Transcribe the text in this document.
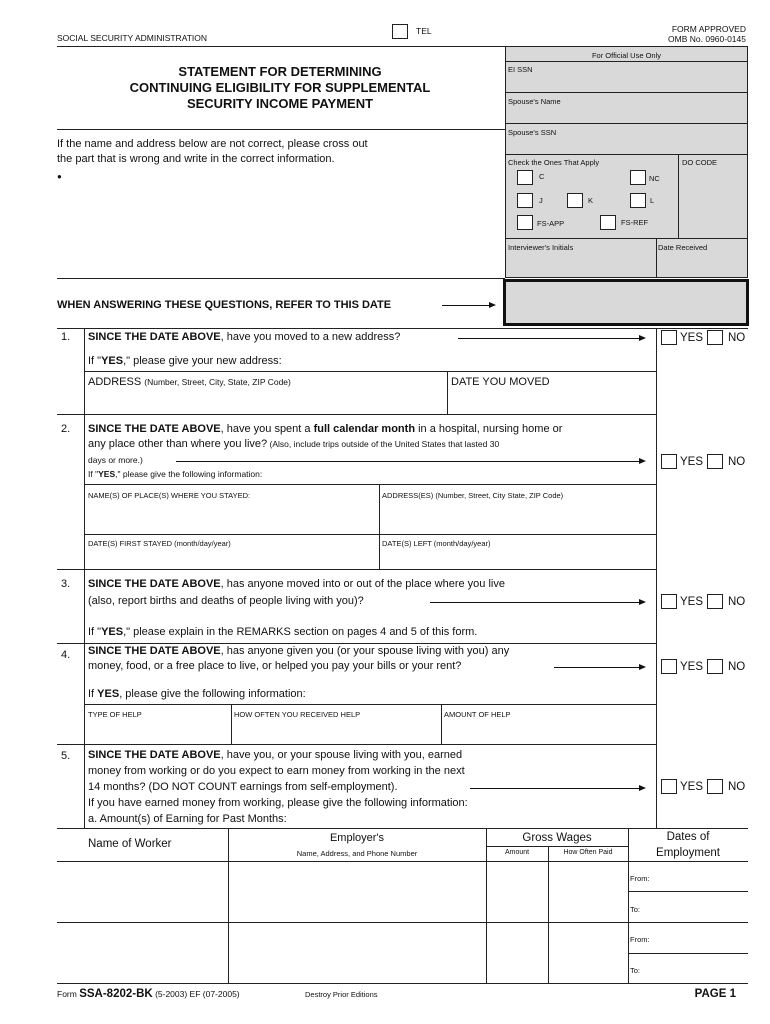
SOCIAL SECURITY ADMINISTRATION
TEL	FORM APPROVED
OMB No. 0960-0145
STATEMENT FOR DETERMINING
CONTINUING ELIGIBILITY FOR SUPPLEMENTAL
SECURITY INCOME PAYMENT
If the name and address below are not correct, please cross out
the part that is wrong and write in the correct information.
●
For Official Use Only
EI SSN
Spouse's Name
Spouse's SSN
Check the Ones That Apply	DO CODE
C	NC
J	K	L
FS-APP	FS-REF
Interviewer's Initials	Date Received
WHEN ANSWERING THESE QUESTIONS, REFER TO THIS DATE
1. SINCE THE DATE ABOVE, have you moved to a new address?
If "YES," please give your new address:
ADDRESS (Number, Street, City, State, ZIP Code)	DATE YOU MOVED
YES NO
2. SINCE THE DATE ABOVE, have you spent a full calendar month in a hospital, nursing home or
any place other than where you live? (Also, include trips outside of the United States that lasted 30
days or more.)
If "YES," please give the following information:
NAME(S) OF PLACE(S) WHERE YOU STAYED:	ADDRESS(ES) (Number, Street, City State, ZIP Code)
DATE(S) FIRST STAYED (month/day/year)	DATE(S) LEFT (month/day/year)
YES NO
3. SINCE THE DATE ABOVE, has anyone moved into or out of the place where you live
(also, report births and deaths of people living with you)?
If "YES," please explain in the REMARKS section on pages 4 and 5 of this form.
YES NO
4. SINCE THE DATE ABOVE, has anyone given you (or your spouse living with you) any
money, food, or a free place to live, or helped you pay your bills or your rent?
If YES, please give the following information:
TYPE OF HELP	HOW OFTEN YOU RECEIVED HELP	AMOUNT OF HELP
YES NO
5. SINCE THE DATE ABOVE, have you, or your spouse living with you, earned
money from working or do you expect to earn money from working in the next
14 months? (DO NOT COUNT earnings from self-employment).
If you have earned money from working, please give the following information:
a. Amount(s) of Earning for Past Months:
YES NO
Name of Worker	Employer's
Name, Address, and Phone Number
Gross Wages
Amount	How Often Paid
Dates of
Employment
From:
To:
From:
To:
Form SSA-8202-BK (5-2003) EF (07-2005)	Destroy Prior Editions	PAGE 1
